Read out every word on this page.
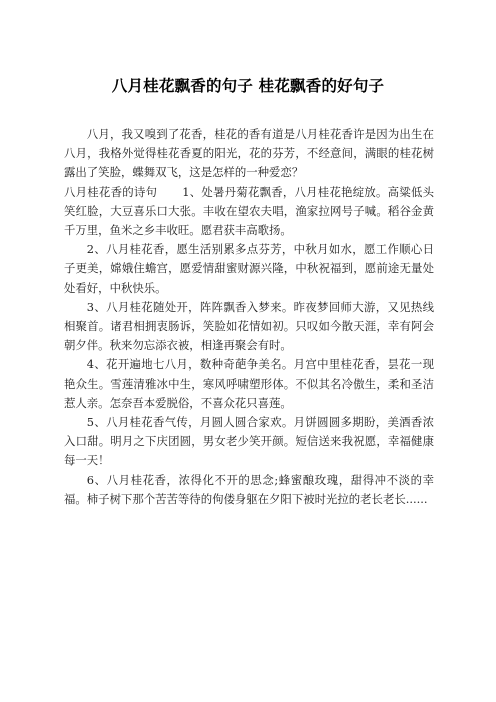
八月桂花飘香的句子 桂花飘香的好句子

八月，我又嗅到了花香，桂花的香有道是八月桂花香许是因为出生在八月，我格外觉得桂花香夏的阳光，花的芬芳，不经意间，满眼的桂花树露出了笑脸，蝶舞双飞，这是怎样的一种爱恋？

八月桂花香的诗句 1、处暑丹菊花飘香，八月桂花艳绽放。高粱低头笑红脸，大豆喜乐口大张。丰收在望农夫唱，渔家拉网号子喊。稻谷金黄千万里，鱼米之乡丰收旺。愿君获丰高歌扬。

2、八月桂花香，愿生活别累多点芬芳，中秋月如水，愿工作顺心日子更美，嫦娥住蟾宫，愿爱情甜蜜财源兴隆，中秋祝福到，愿前途无量处处看好，中秋快乐。

3、八月桂花随处开，阵阵飘香入梦来。昨夜梦回师大游，又见热线相聚首。诸君相拥衷肠诉，笑脸如花情如初。只叹如今散天涯，幸有阿会朝夕伴。秋来勿忘添衣被，相逢再聚会有时。

4、花开遍地七八月，数种奇葩争美名。月宫中里桂花香，昙花一现艳众生。雪莲清雅冰中生，寒风呼啸塑形体。不似其名冷傲生，柔和圣洁惹人亲。怎奈吾本爱脱俗，不喜众花只喜莲。

5、八月桂花香气传，月圆人圆合家欢。月饼圆圆多期盼，美酒香浓入口甜。明月之下庆团圆，男女老少笑开颜。短信送来我祝愿，幸福健康每一天！

6、八月桂花香，浓得化不开的思念;蜂蜜酿玫瑰，甜得冲不淡的幸福。柿子树下那个苦苦等待的佝偻身躯在夕阳下被时光拉的老长老长......
